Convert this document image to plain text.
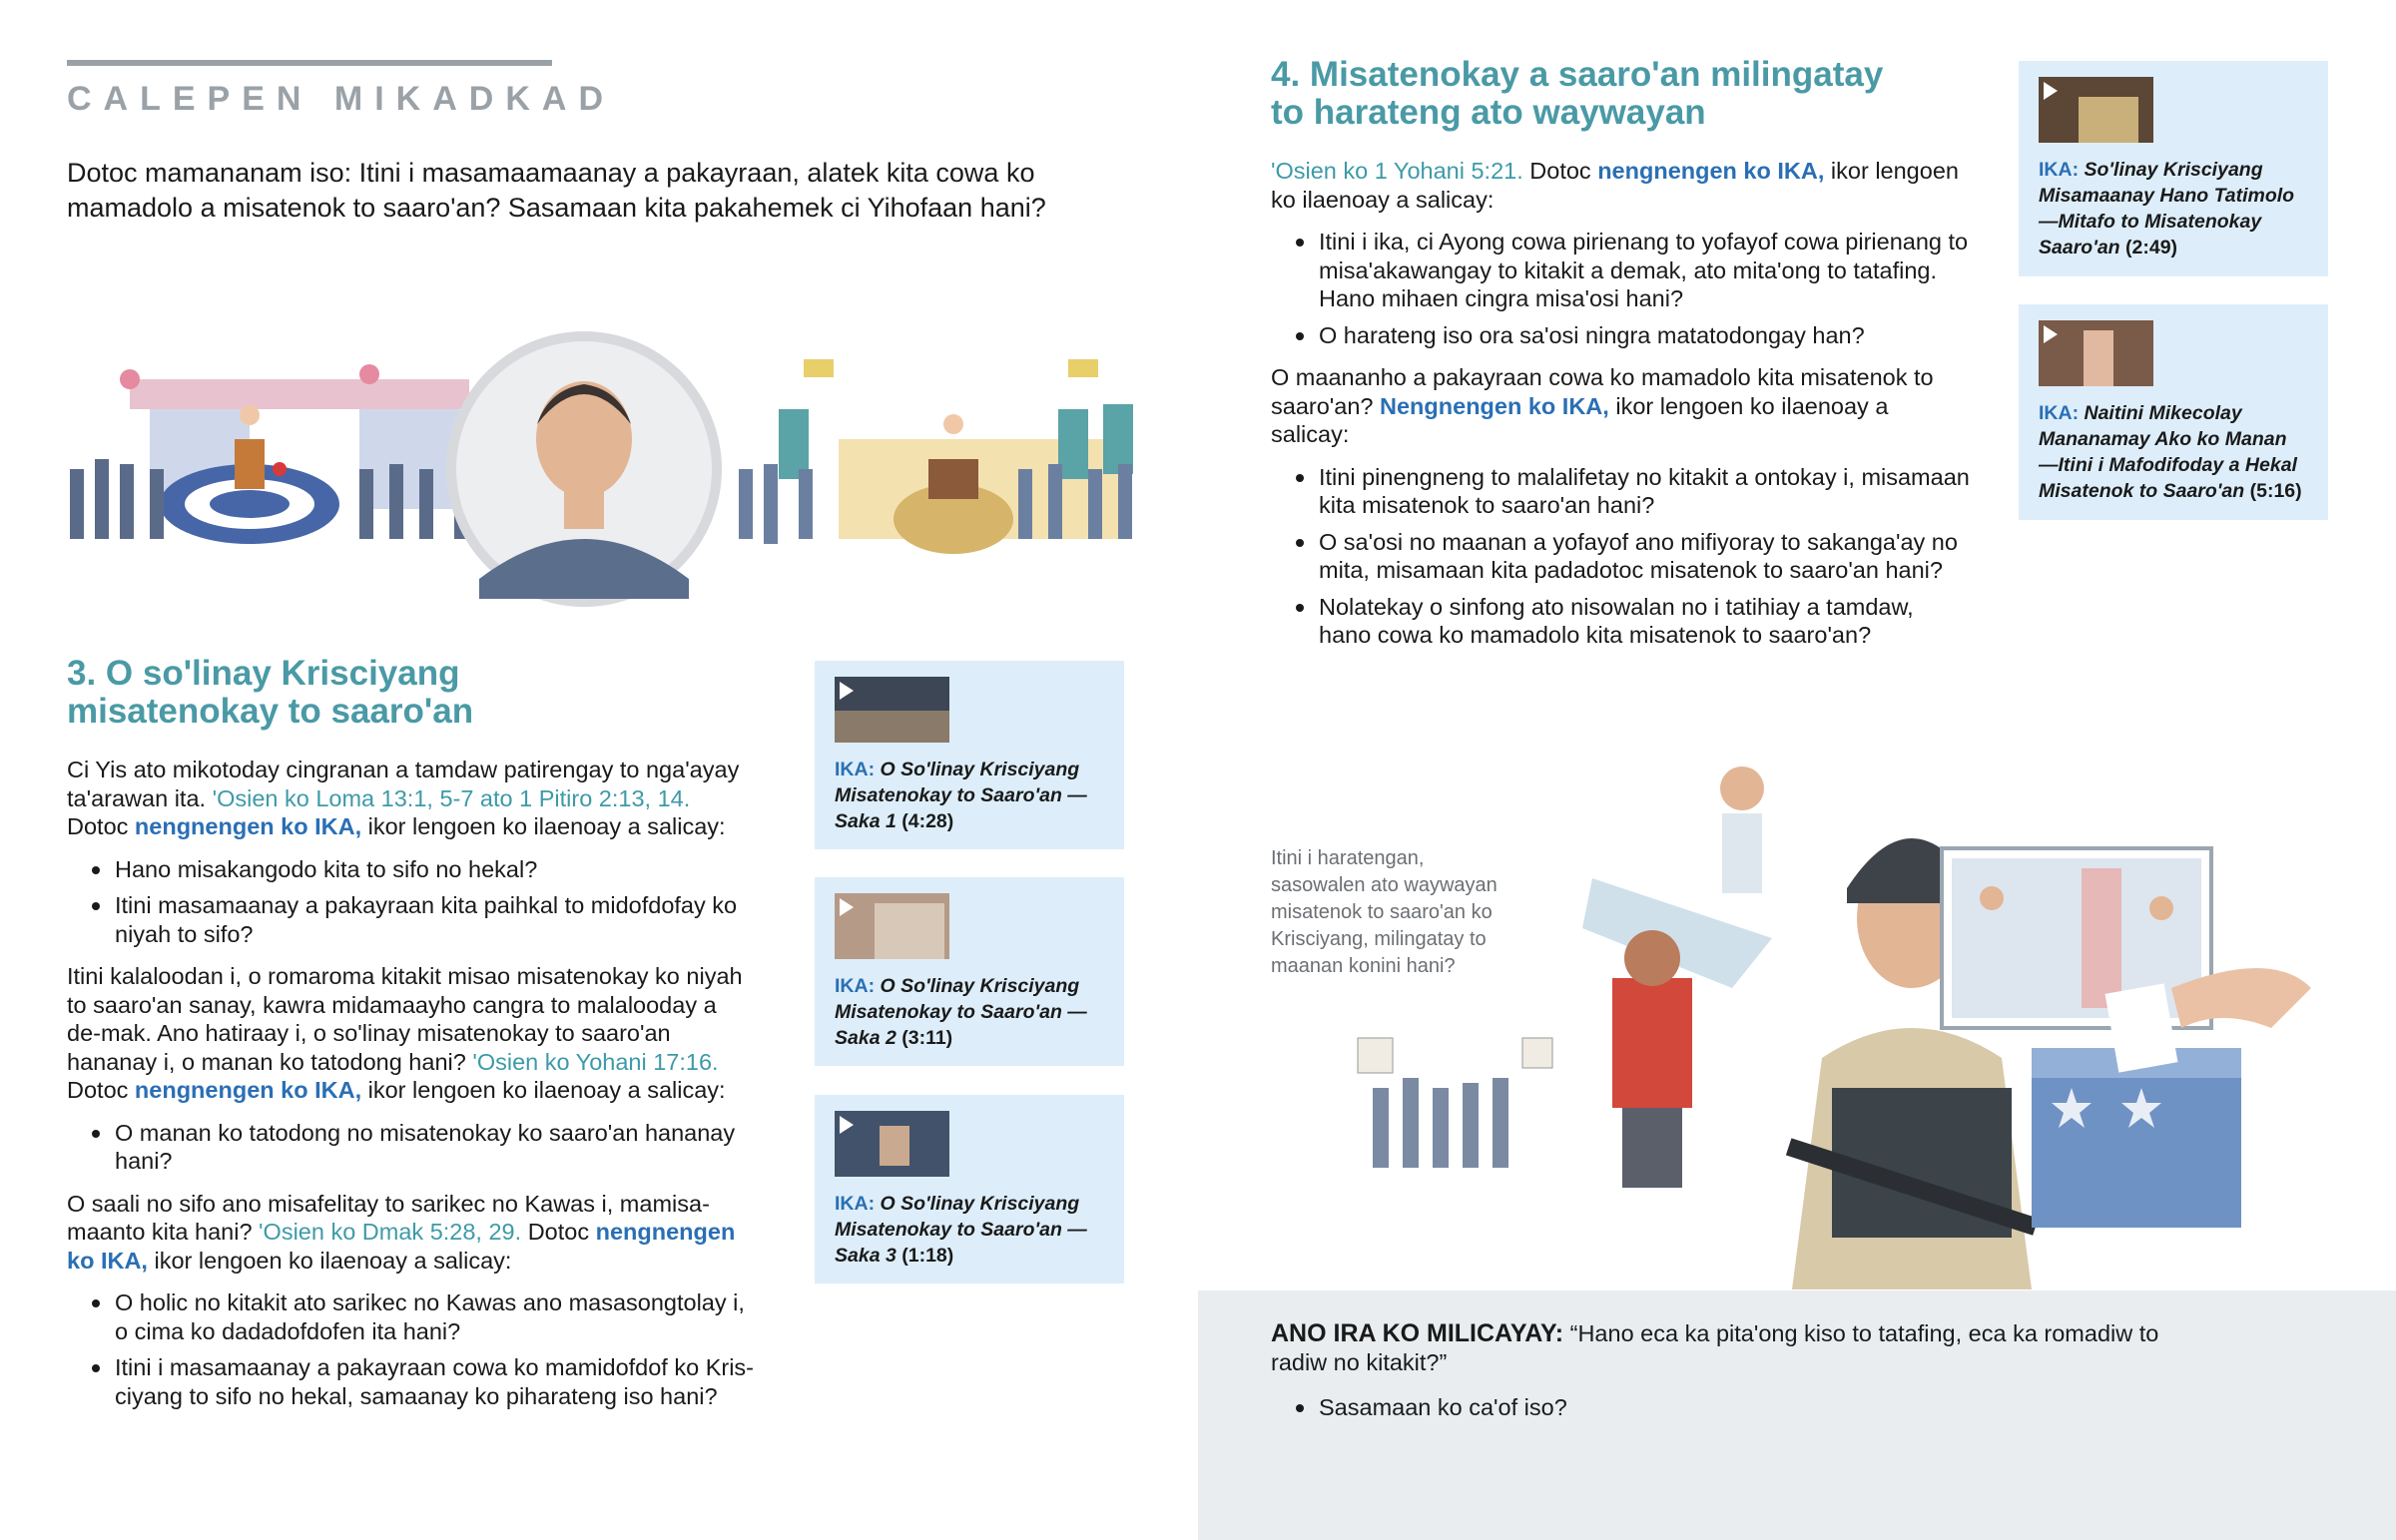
CALEPEN MIKADKAD
Dotoc mamananam iso: Itini i masamaamaanay a pakayraan, alatek kita cowa ko mamadolo a misatenok to saaro'an? Sasamaan kita pakahemek ci Yihofaan hani?
3. O so'linay Krisciyang
misatenokay to saaro'an

Ci Yis ato mikotoday cingranan a tamdaw patirengay to nga'ayay ta'arawan ita. 'Osien ko Loma 13:1, 5-7 ato 1 Pitiro 2:13, 14. Dotoc nengnengen ko IKA, ikor lengoen ko ilaenoay a salicay:

Hano misakangodo kita to sifo no hekal?
Itini masamaanay a pakayraan kita paihkal to midofdofay ko niyah to sifo?

Itini kalaloodan i, o romaroma kitakit misao misatenokay ko niyah to saaro'an sanay, kawra midamaayho cangra to malalooday a de-mak. Ano hatiraay i, o so'linay misatenokay to saaro'an hananay i, o manan ko tatodong hani? 'Osien ko Yohani 17:16. Dotoc nengnengen ko IKA, ikor lengoen ko ilaenoay a salicay:

O manan ko tatodong no misatenokay ko saaro'an hananay hani?

O saali no sifo ano misafelitay to sarikec no Kawas i, mamisa-maanto kita hani? 'Osien ko Dmak 5:28, 29. Dotoc nengnengen ko IKA, ikor lengoen ko ilaenoay a salicay:

O holic no kitakit ato sarikec no Kawas ano masasongtolay i, o cima ko dadadofdofen ita hani?
Itini i masamaanay a pakayraan cowa ko mamidofdof ko Kris-ciyang to sifo no hekal, samaanay ko piharateng iso hani?
IKA: O So'linay Krisciyang Misatenokay to Saaro'an —Saka 1 (4:28)
IKA: O So'linay Krisciyang Misatenokay to Saaro'an —Saka 2 (3:11)
IKA: O So'linay Krisciyang Misatenokay to Saaro'an —Saka 3 (1:18)
4. Misatenokay a saaro'an milingatay
to harateng ato waywayan

'Osien ko 1 Yohani 5:21. Dotoc nengnengen ko IKA, ikor lengoen ko ilaenoay a salicay:

Itini i ika, ci Ayong cowa pirienang to yofayof cowa pirienang to misa'akawangay to kitakit a demak, ato mita'ong to tatafing. Hano mihaen cingra misa'osi hani?
O harateng iso ora sa'osi ningra matatodongay han?

O maananho a pakayraan cowa ko mamadolo kita misatenok to saaro'an? Nengnengen ko IKA, ikor lengoen ko ilaenoay a salicay:

Itini pinengneng to malalifetay no kitakit a ontokay i, misamaan kita misatenok to saaro'an hani?
O sa'osi no maanan a yofayof ano mifiyoray to sakanga'ay no mita, misamaan kita padadotoc misatenok to saaro'an hani?
Nolatekay o sinfong ato nisowalan no i tatihiay a tamdaw, hano cowa ko mamadolo kita misatenok to saaro'an?
IKA: So'linay Krisciyang Misamaanay Hano Tatimolo —Mitafo to Misatenokay Saaro'an (2:49)
IKA: Naitini Mikecolay Mananamay Ako ko Manan —Itini i Mafodifoday a Hekal Misatenok to Saaro'an (5:16)
Itini i haratengan, sasowalen ato waywayan misatenok to saaro'an ko Krisciyang, milingatay to maanan konini hani?
ANO IRA KO MILICAYAY: “Hano eca ka pita'ong kiso to tatafing, eca ka romadiw to radiw no kitakit?”
Sasamaan ko ca'of iso?
